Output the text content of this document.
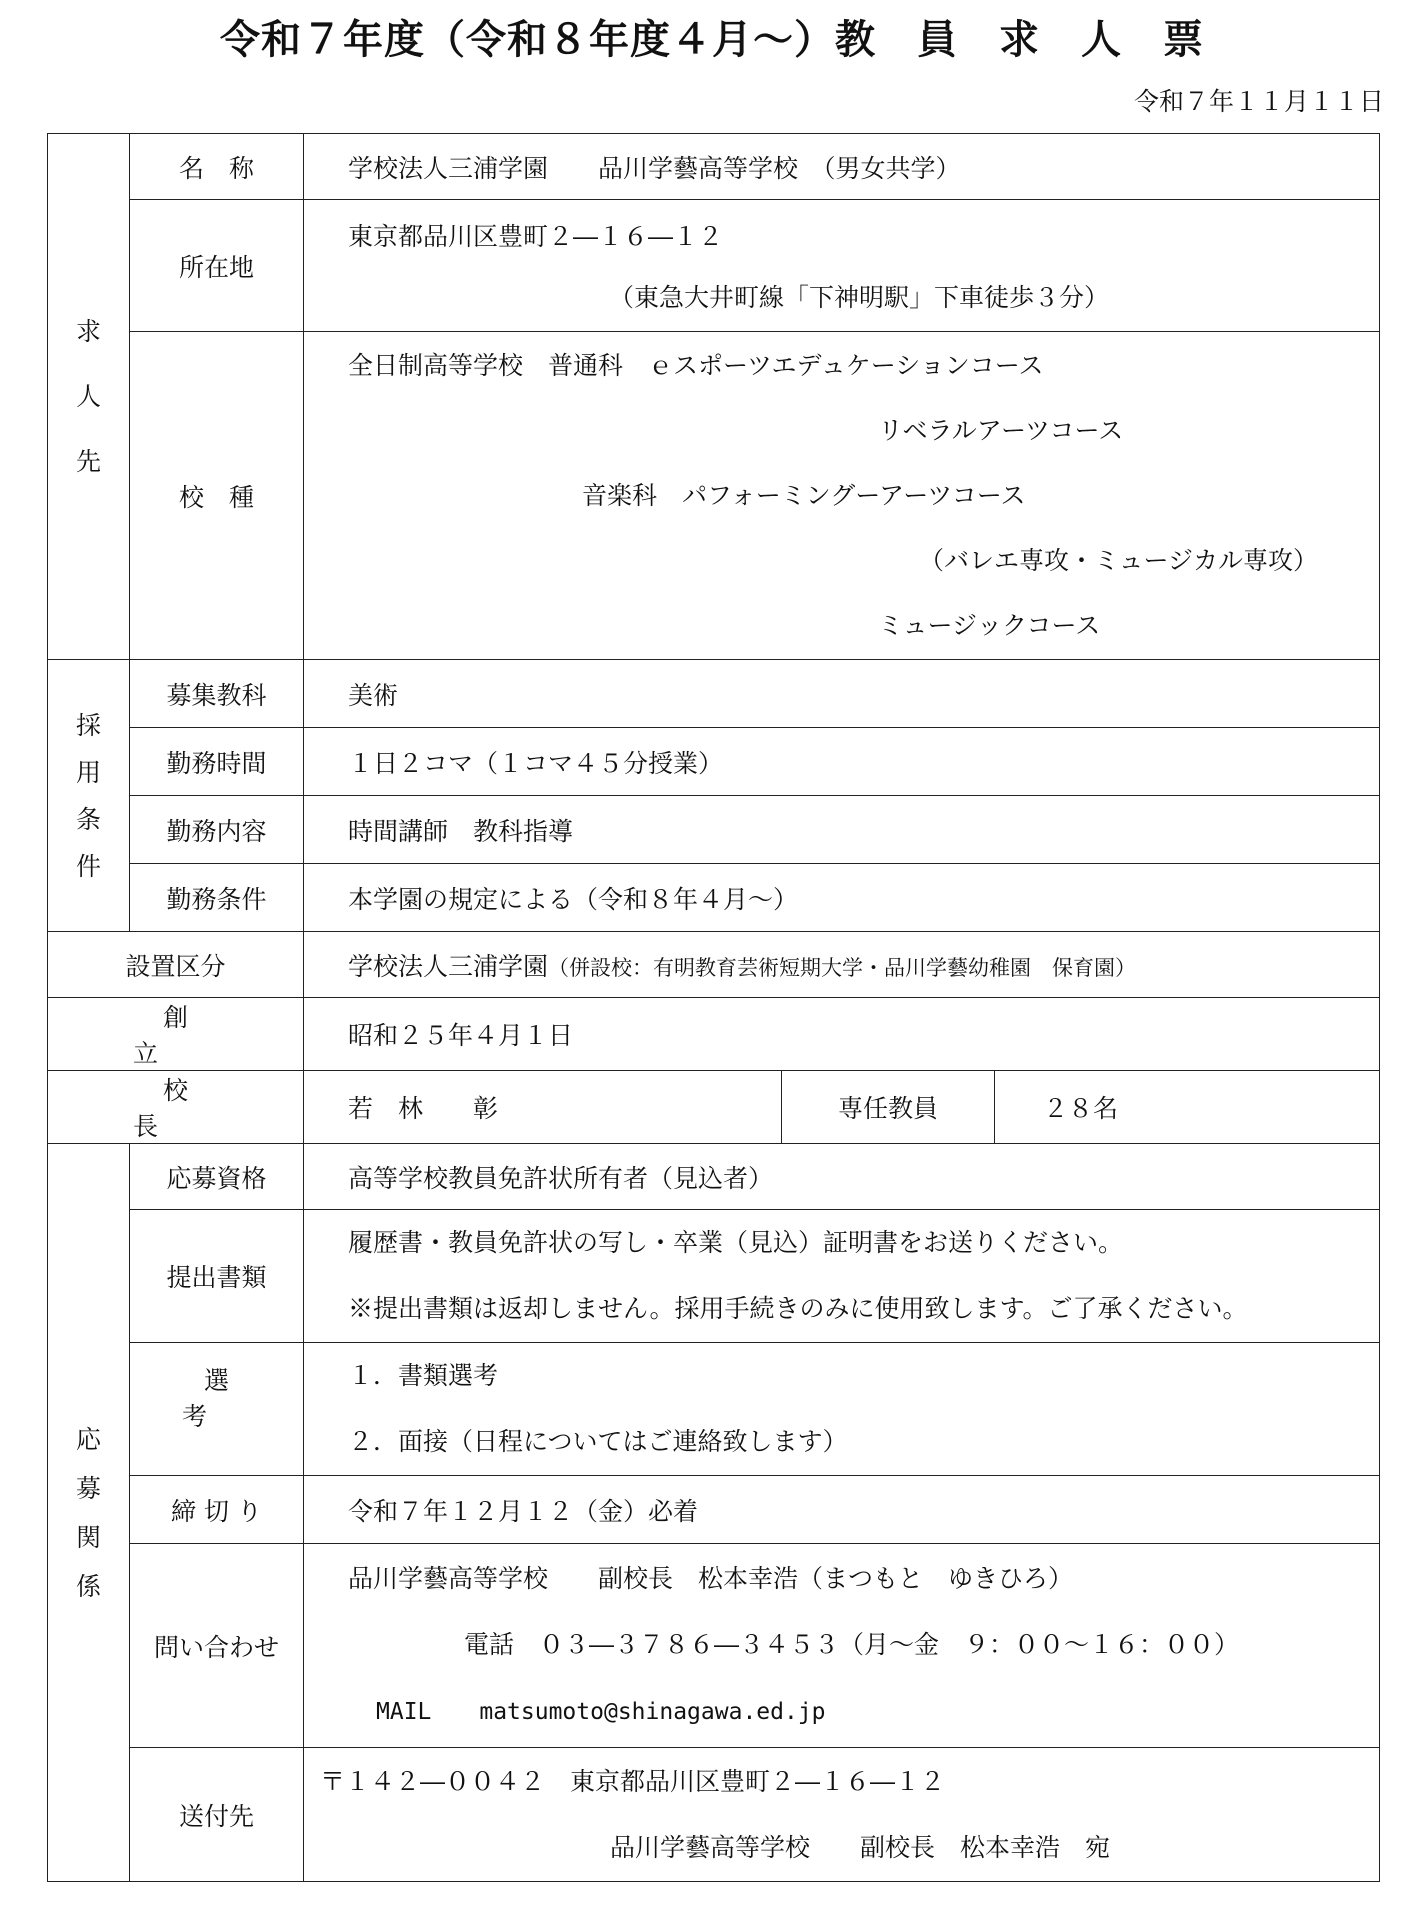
令和７年度（令和８年度４月～）教　員　求　人　票
令和７年１１月１１日
求
人
先	名　称	学校法人三浦学園　　品川学藝高等学校　（男女共学）		

	所在地	東京都品川区豊町２―１６―１２
（東急大井町線「下神明駅」下車徒歩３分）		

	校　種	全日制高等学校　普通科　ｅスポーツエデュケーションコース
リベラルアーツコース
音楽科　パフォーミングーアーツコース
（バレエ専攻・ミュージカル専攻）
ミュージックコース		

採
用
条
件	募集教科	美術		

	勤務時間	１日２コマ（１コマ４５分授業）		

	勤務内容	時間講師　教科指導		

	勤務条件	本学園の規定による（令和８年４月～）		

設置区分		学校法人三浦学園（併設校：有明教育芸術短期大学・品川学藝幼稚園　保育園）		

創　立		昭和２５年４月１日		

校　長		若　林　　彰	専任教員	２８名

応
募
関
係	応募資格	高等学校教員免許状所有者（見込者）		

	提出書類	履歴書・教員免許状の写し・卒業（見込）証明書をお送りください。
※提出書類は返却しません。採用手続きのみに使用致します。ご了承ください。		

	選　考	１．書類選考
２．面接（日程についてはご連絡致します）		

	締 切 り	令和７年１２月１２（金）必着		

	問い合わせ	品川学藝高等学校　　副校長　松本幸浩（まつもと　ゆきひろ）
電話　０３―３７８６―３４５３（月～金　９：００～１６：００）
MAIL matsumoto@shinagawa.ed.jp		

	送付先	〒１４２―００４２　東京都品川区豊町２―１６―１２
品川学藝高等学校　　副校長　松本幸浩　宛		
